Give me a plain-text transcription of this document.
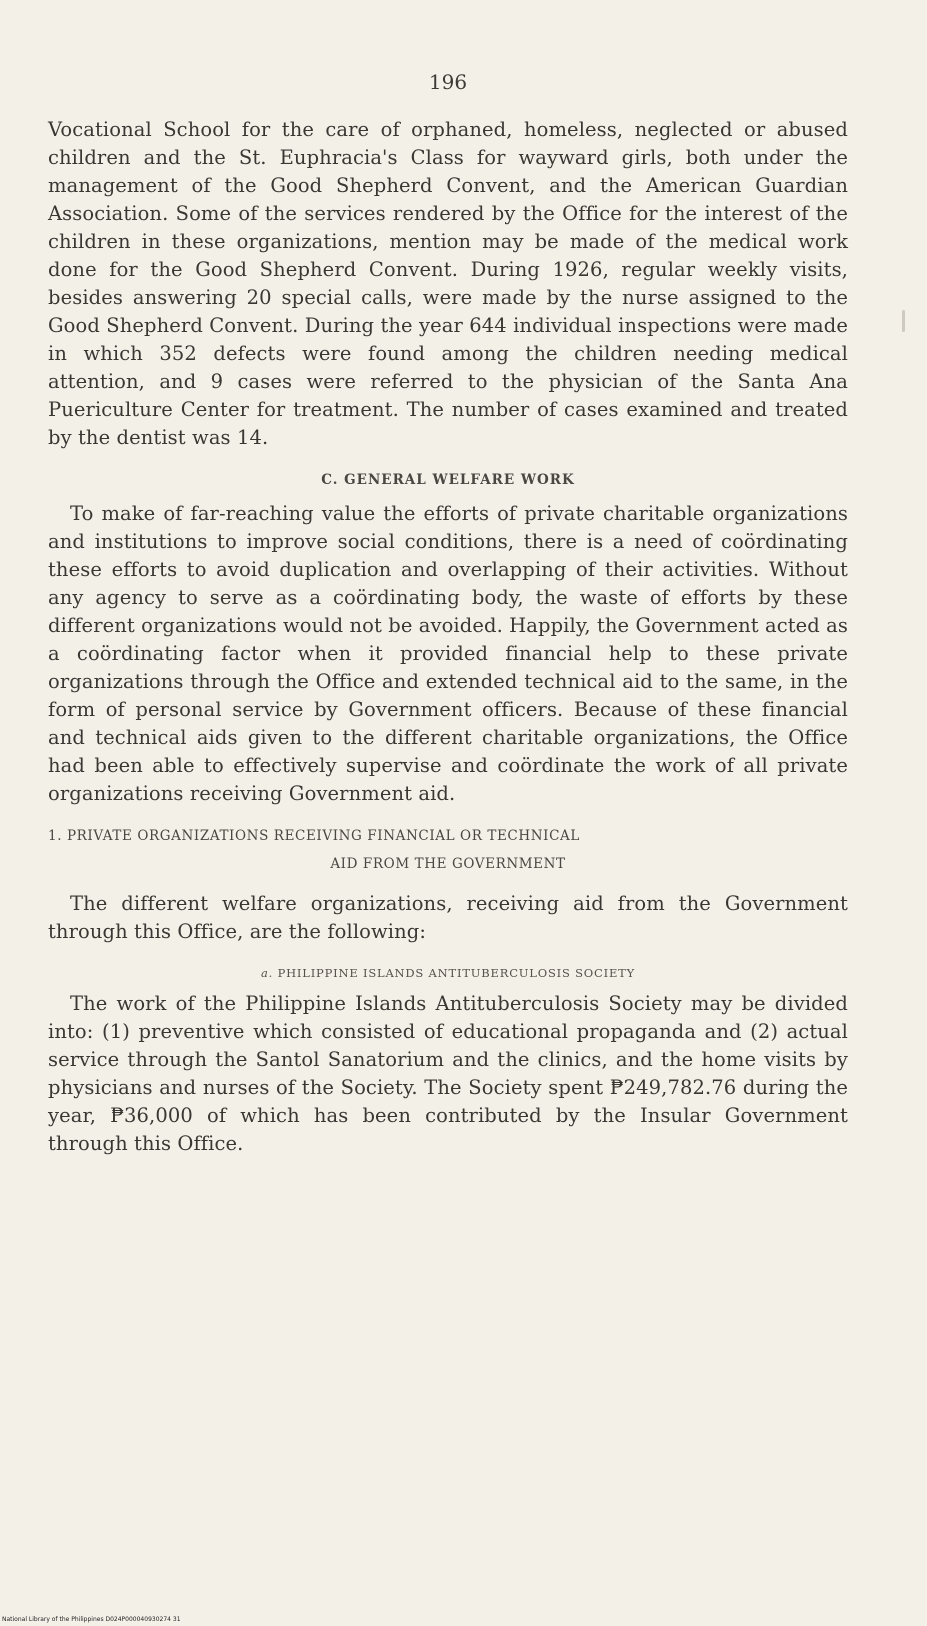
196

Vocational School for the care of orphaned, homeless, neglected or abused children and the St. Euphracia's Class for wayward girls, both under the management of the Good Shepherd Convent, and the American Guardian Association. Some of the services rendered by the Office for the interest of the children in these organizations, mention may be made of the medical work done for the Good Shepherd Convent. During 1926, regular weekly visits, besides answering 20 special calls, were made by the nurse assigned to the Good Shepherd Convent. During the year 644 individual inspections were made in which 352 defects were found among the children needing medical attention, and 9 cases were referred to the physician of the Santa Ana Puericulture Center for treatment. The number of cases examined and treated by the dentist was 14.

C. GENERAL WELFARE WORK

To make of far-reaching value the efforts of private charitable organizations and institutions to improve social conditions, there is a need of coördinating these efforts to avoid duplication and overlapping of their activities. Without any agency to serve as a coördinating body, the waste of efforts by these different organizations would not be avoided. Happily, the Government acted as a coördinating factor when it provided financial help to these private organizations through the Office and extended technical aid to the same, in the form of personal service by Government officers. Because of these financial and technical aids given to the different charitable organizations, the Office had been able to effectively supervise and coördinate the work of all private organizations receiving Government aid.

1. PRIVATE ORGANIZATIONS RECEIVING FINANCIAL OR TECHNICAL
AID FROM THE GOVERNMENT

The different welfare organizations, receiving aid from the Government through this Office, are the following:

a. PHILIPPINE ISLANDS ANTITUBERCULOSIS SOCIETY

The work of the Philippine Islands Antituberculosis Society may be divided into: (1) preventive which consisted of educational propaganda and (2) actual service through the Santol Sanatorium and the clinics, and the home visits by physicians and nurses of the Society. The Society spent ₱249,782.76 during the year, ₱36,000 of which has been contributed by the Insular Government through this Office.

National Library of the Philippines D024P000040930274 31
